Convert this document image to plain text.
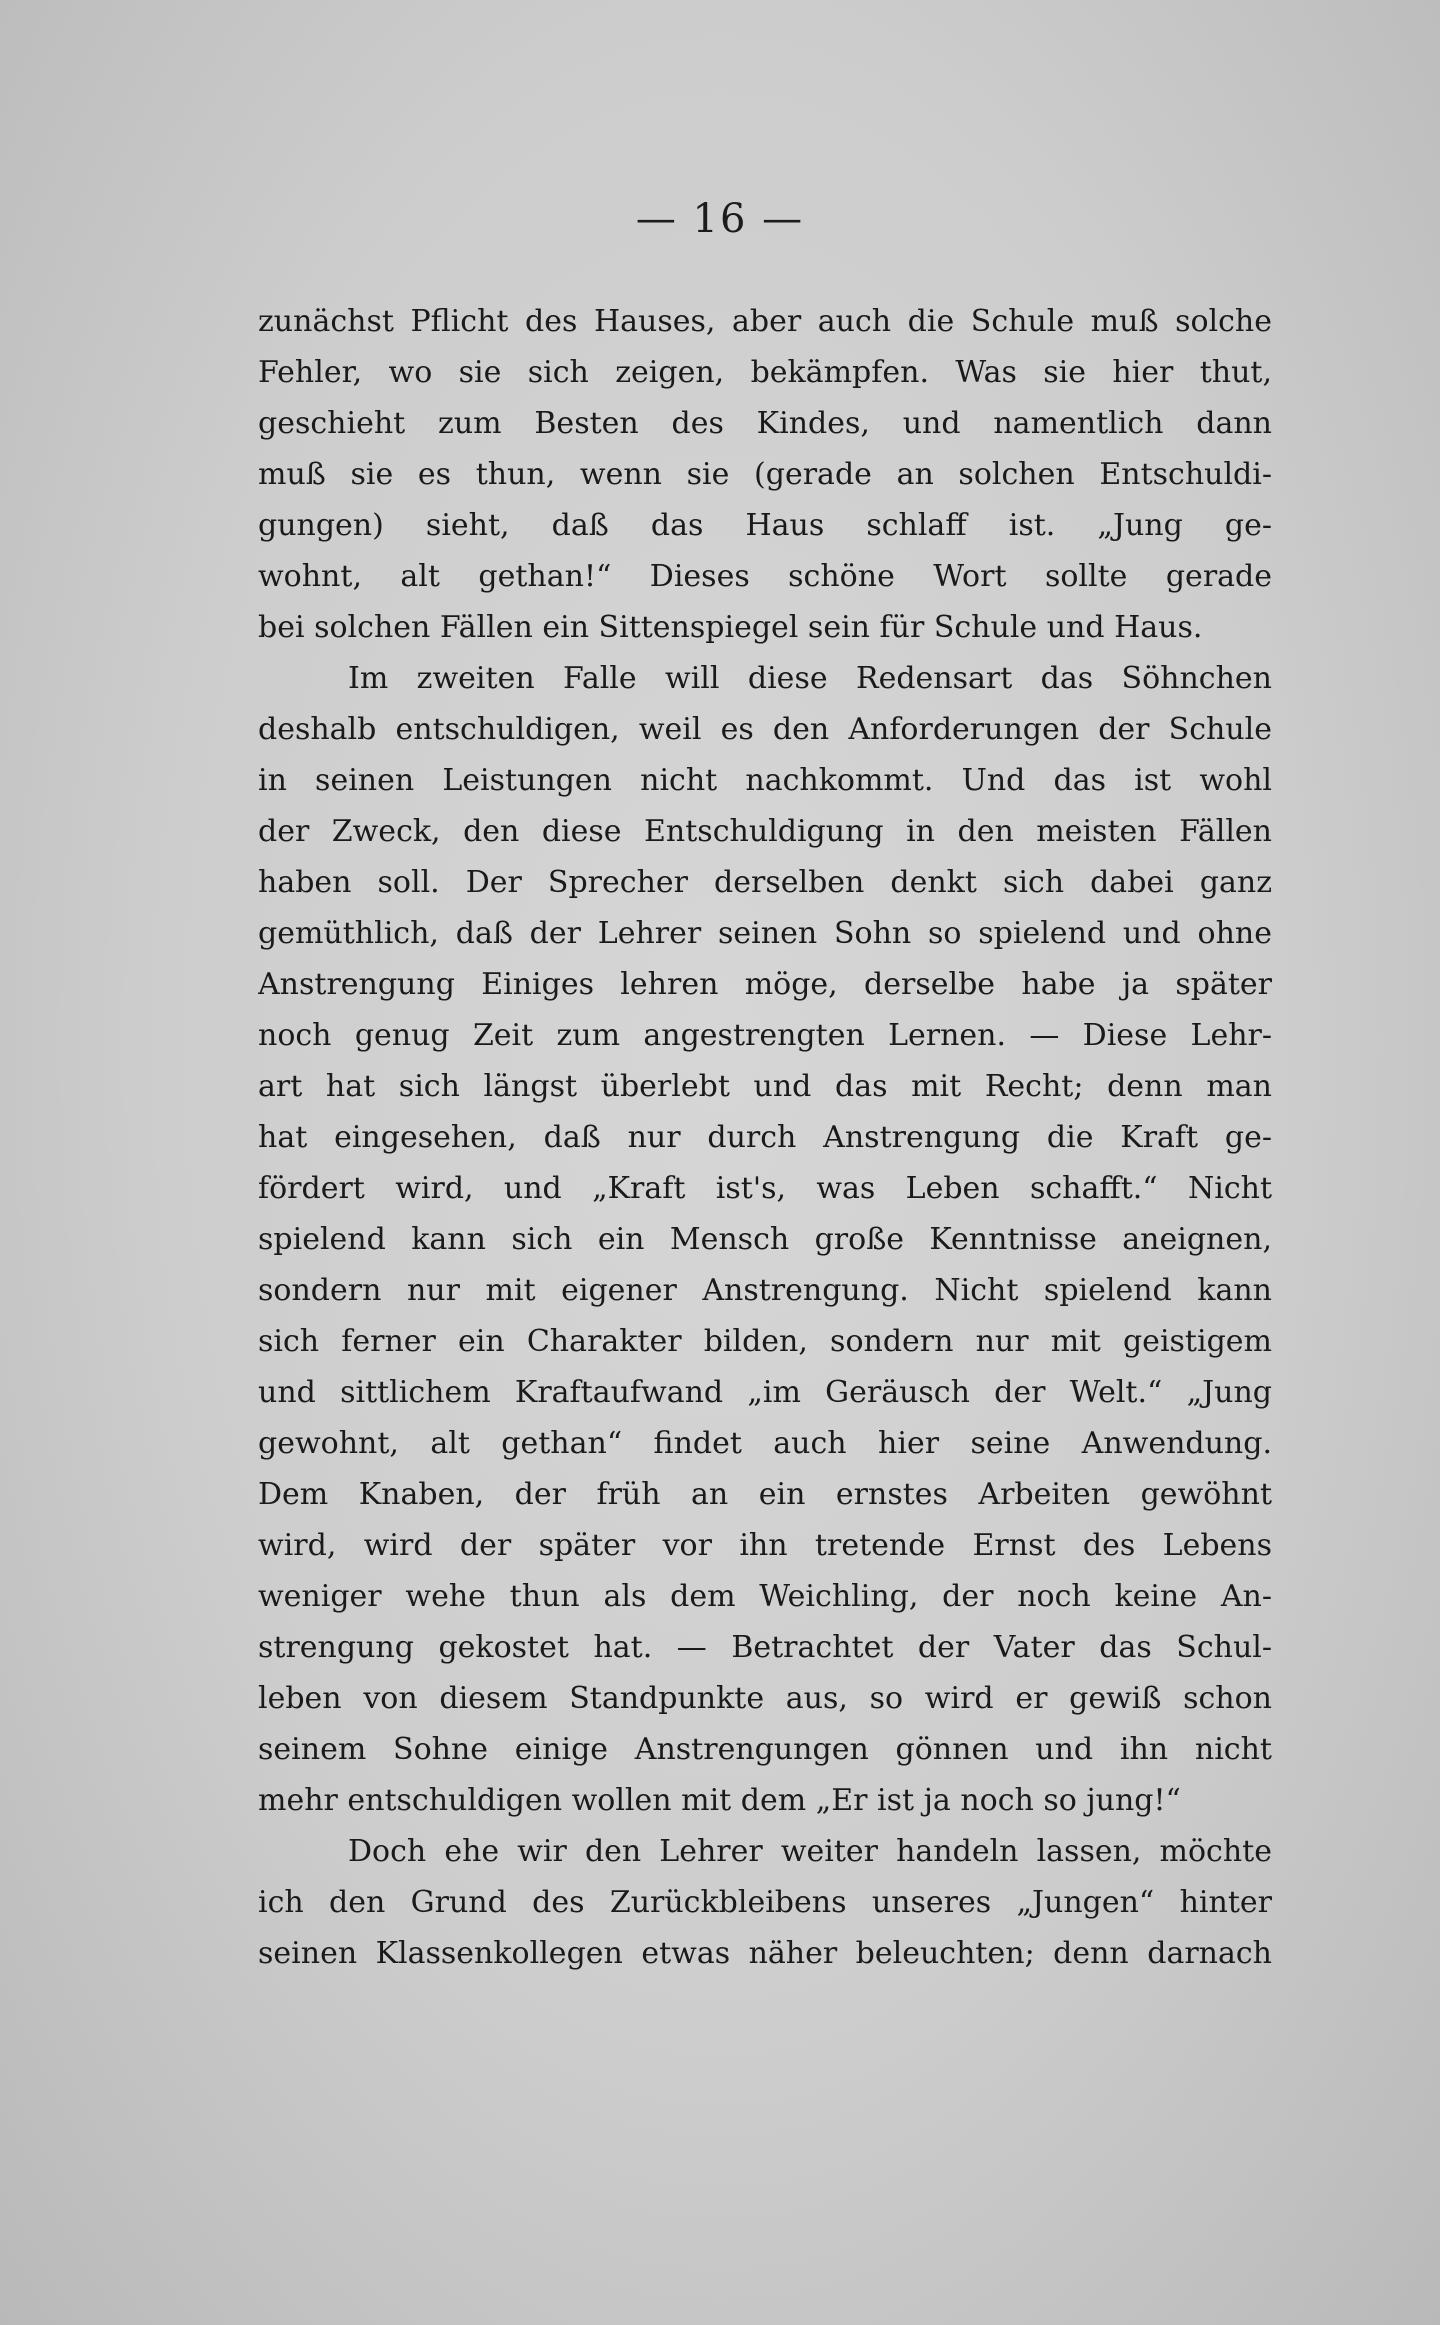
— 16 —
zunächst Pflicht des Hauses, aber auch die Schule muß solche
Fehler, wo sie sich zeigen, bekämpfen. Was sie hier thut,
geschieht zum Besten des Kindes, und namentlich dann
muß sie es thun, wenn sie (gerade an solchen Entschuldi-
gungen) sieht, daß das Haus schlaff ist. „Jung ge-
wohnt, alt gethan!“ Dieses schöne Wort sollte gerade
bei solchen Fällen ein Sittenspiegel sein für Schule und Haus.
Im zweiten Falle will diese Redensart das Söhnchen
deshalb entschuldigen, weil es den Anforderungen der Schule
in seinen Leistungen nicht nachkommt. Und das ist wohl
der Zweck, den diese Entschuldigung in den meisten Fällen
haben soll. Der Sprecher derselben denkt sich dabei ganz
gemüthlich, daß der Lehrer seinen Sohn so spielend und ohne
Anstrengung Einiges lehren möge, derselbe habe ja später
noch genug Zeit zum angestrengten Lernen. — Diese Lehr-
art hat sich längst überlebt und das mit Recht; denn man
hat eingesehen, daß nur durch Anstrengung die Kraft ge-
fördert wird, und „Kraft ist's, was Leben schafft.“ Nicht
spielend kann sich ein Mensch große Kenntnisse aneignen,
sondern nur mit eigener Anstrengung. Nicht spielend kann
sich ferner ein Charakter bilden, sondern nur mit geistigem
und sittlichem Kraftaufwand „im Geräusch der Welt.“ „Jung
gewohnt, alt gethan“ findet auch hier seine Anwendung.
Dem Knaben, der früh an ein ernstes Arbeiten gewöhnt
wird, wird der später vor ihn tretende Ernst des Lebens
weniger wehe thun als dem Weichling, der noch keine An-
strengung gekostet hat. — Betrachtet der Vater das Schul-
leben von diesem Standpunkte aus, so wird er gewiß schon
seinem Sohne einige Anstrengungen gönnen und ihn nicht
mehr entschuldigen wollen mit dem „Er ist ja noch so jung!“
Doch ehe wir den Lehrer weiter handeln lassen, möchte
ich den Grund des Zurückbleibens unseres „Jungen“ hinter
seinen Klassenkollegen etwas näher beleuchten; denn darnach
